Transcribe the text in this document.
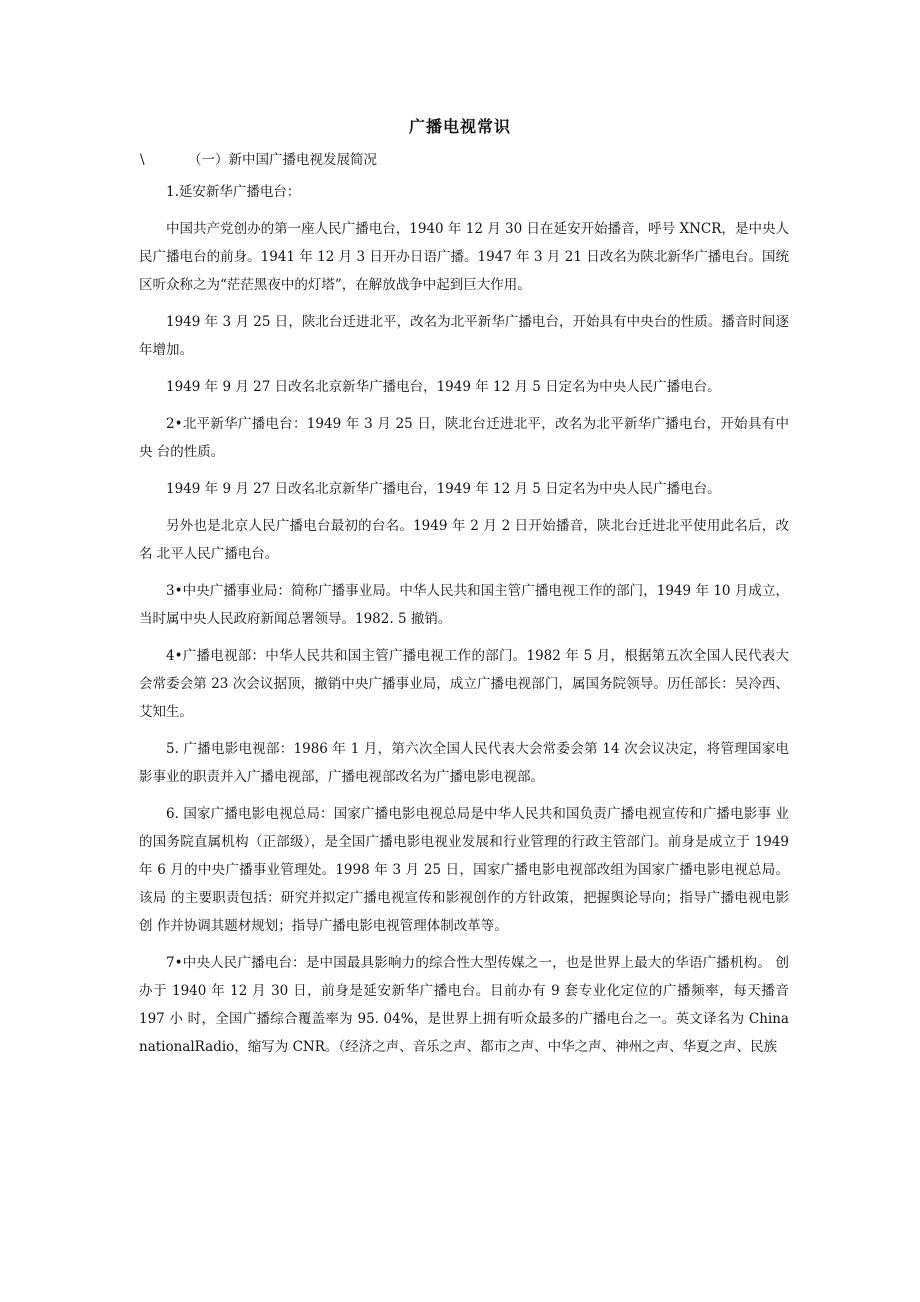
广播电视常识
\	（一）新中国广播电视发展简况

1.延安新华广播电台：

中国共产党创办的第一座人民广播电台，1940 年 12 月 30 日在延安开始播音，呼号 XNCR，是中央人民广播电台的前身。1941 年 12 月 3 日开办日语广播。1947 年 3 月 21 日改名为陕北新华广播电台。国统区听众称之为“茫茫黑夜中的灯塔”，在解放战争中起到巨大作用。

1949 年 3 月 25 日，陕北台迁进北平，改名为北平新华广播电台，开始具有中央台的性质。播音时间逐年增加。

1949 年 9 月 27 日改名北京新华广播电台，1949 年 12 月 5 日定名为中央人民广播电台。

2•北平新华广播电台：1949 年 3 月 25 日，陕北台迁进北平，改名为北平新华广播电台，开始具有中央 台的性质。

1949 年 9 月 27 日改名北京新华广播电台，1949 年 12 月 5 日定名为中央人民广播电台。

另外也是北京人民广播电台最初的台名。1949 年 2 月 2 日开始播音，陕北台迁进北平使用此名后，改名 北平人民广播电台。

3•中央广播事业局：简称广播事业局。中华人民共和国主管广播电视工作的部门，1949 年 10 月成立， 当时属中央人民政府新闻总署领导。1982. 5 撤销。

4•广播电视部：中华人民共和国主管广播电视工作的部门。1982 年 5 月，根据第五次全国人民代表大 会常委会第 23 次会议据顶，撤销中央广播事业局，成立广播电视部门，属国务院领导。历任部长：吴冷西、 艾知生。

5. 广播电影电视部：1986 年 1 月，第六次全国人民代表大会常委会第 14 次会议决定，将管理国家电影事业的职责并入广播电视部，广播电视部改名为广播电影电视部。

6. 国家广播电影电视总局：国家广播电影电视总局是中华人民共和国负责广播电视宣传和广播电影事 业的国务院直属机构（正部级），是全国广播电影电视业发展和行业管理的行政主管部门。前身是成立于 1949 年 6 月的中央广播事业管理处。1998 年 3 月 25 日，国家广播电影电视部改组为国家广播电影电视总局。该局 的主要职责包括：研究并拟定广播电视宣传和影视创作的方针政策，把握舆论导向；指导广播电视电影创 作并协调其题材规划；指导广播电影电视管理体制改革等。

7•中央人民广播电台：是中国最具影响力的综合性大型传媒之一，也是世界上最大的华语广播机构。 创办于 1940 年 12 月 30 日，前身是延安新华广播电台。目前办有 9 套专业化定位的广播频率，每天播音 197 小 时，全国广播综合覆盖率为 95. 04%，是世界上拥有听众最多的广播电台之一。英文译名为 China nationalRadio，缩写为 CNR。（经济之声、音乐之声、都市之声、中华之声、神州之声、华夏之声、民族
